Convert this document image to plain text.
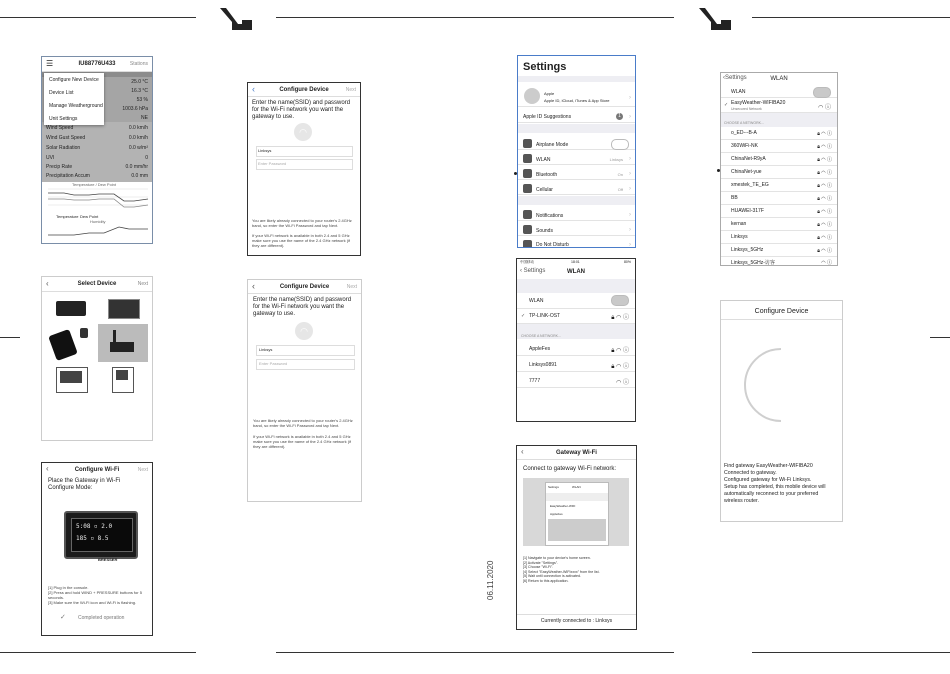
06.11.2020
☰	IU88776U433	Stations
Configure New Device
Device List
Manage Weatherground
Unit Settings
25.0 °C
16.3 °C
53 %
1003.6 hPa
NE
Wind Speed	0.0 km/h
Wind Gust Speed	0.0 km/h
Solar Radiation	0.0 w/m²
UVI	0
Precip Rate	0.0 mm/hr
Precipitation Accum	0.0 mm
Temperature / Dew Point
Temperature Dew Point
Humidity
‹	Select Device	Next
‹	Configure Wi-Fi	Next
Place the Gateway in Wi-Fi Configure Mode:
5:08 ▫ 2.0
185 ▫ 8.5
BRESSER
[1] Plug in the console.
[2] Press and hold WIND + PRESSURE buttons for 5 seconds.
[3] Make sure the Wi-Fi icon and Wi-Fi is flashing.
✓ Completed operation
‹	Configure Device	Next
Enter the name(SSID) and password for the Wi-Fi network you want the gateway to use.
◠
Linksys
Enter Password
You are likely already connected to your router's 2.4GHz band, so enter the Wi-Fi Password and tap Next.
If your Wi-Fi network is available in both 2.4 and 5 GHz make sure you use the name of the 2.4 GHz network (if they are different).
‹	Configure Device	Next
Enter the name(SSID) and password for the Wi-Fi network you want the gateway to use.
◠
Linksys
Enter Password
You are likely already connected to your router's 2.4GHz band, so enter the Wi-Fi Password and tap Next.
If your Wi-Fi network is available in both 2.4 and 5 GHz make sure you use the name of the 2.4 GHz network (if they are different).
Settings
Apple
Apple ID, iCloud, iTunes & App Store	›
Apple ID Suggestions	1	›
Airplane Mode
WLAN	Linksys ›
Bluetooth	On ›
Cellular	Off ›
Notifications	›
Sounds	›
Do Not Disturb	›
中国移动	18:01	80%
‹ Settings	WLAN
WLAN
✓ TP-LINK-OST	🔒︎ ◠ ⓘ
CHOOSE A NETWORK...
AppleFes	🔒︎ ◠ ⓘ
Linksys0891	🔒︎ ◠ ⓘ
7777	◠ ⓘ
‹	Gateway Wi-Fi
Connect to gateway Wi-Fi network:
Settings	WLAN
EasyWeather-WIFI
AppleFes
[1] Navigate to your device's home screen.
[2] Activate "Settings".
[3] Choose "Wi-Fi".
[4] Select "EasyWeather-WIFIxxxx" from the list.
[5] Wait until connection is activated.
[6] Return to this application.
Currently connected to : Linksys
‹Settings	WLAN
WLAN
✓ EasyWeather-WIFIBA20
Unsecured Network	◠ ⓘ
CHOOSE A NETWORK...
o_ED---B-A	🔒︎ ◠ ⓘ
360WiFi-NK	🔒︎ ◠ ⓘ
ChinaNet-R9yA	🔒︎ ◠ ⓘ
ChinaNet-yue	🔒︎ ◠ ⓘ
xmestek_TE_EG	🔒︎ ◠ ⓘ
BB	🔒︎ ◠ ⓘ
HUAWEI-317F	🔒︎ ◠ ⓘ
kernan	🔒︎ ◠ ⓘ
Linksys	🔒︎ ◠ ⓘ
Linksys_5GHz	🔒︎ ◠ ⓘ
Linksys_5GHz-访客	◠ ⓘ
Configure Device
Find gateway EasyWeather-WIFIBA20
Connected to gateway.
Configured gateway for Wi-Fi Linksys.
Setup has completed, this mobile device will
automatically reconnect to your preferred
wireless router.
